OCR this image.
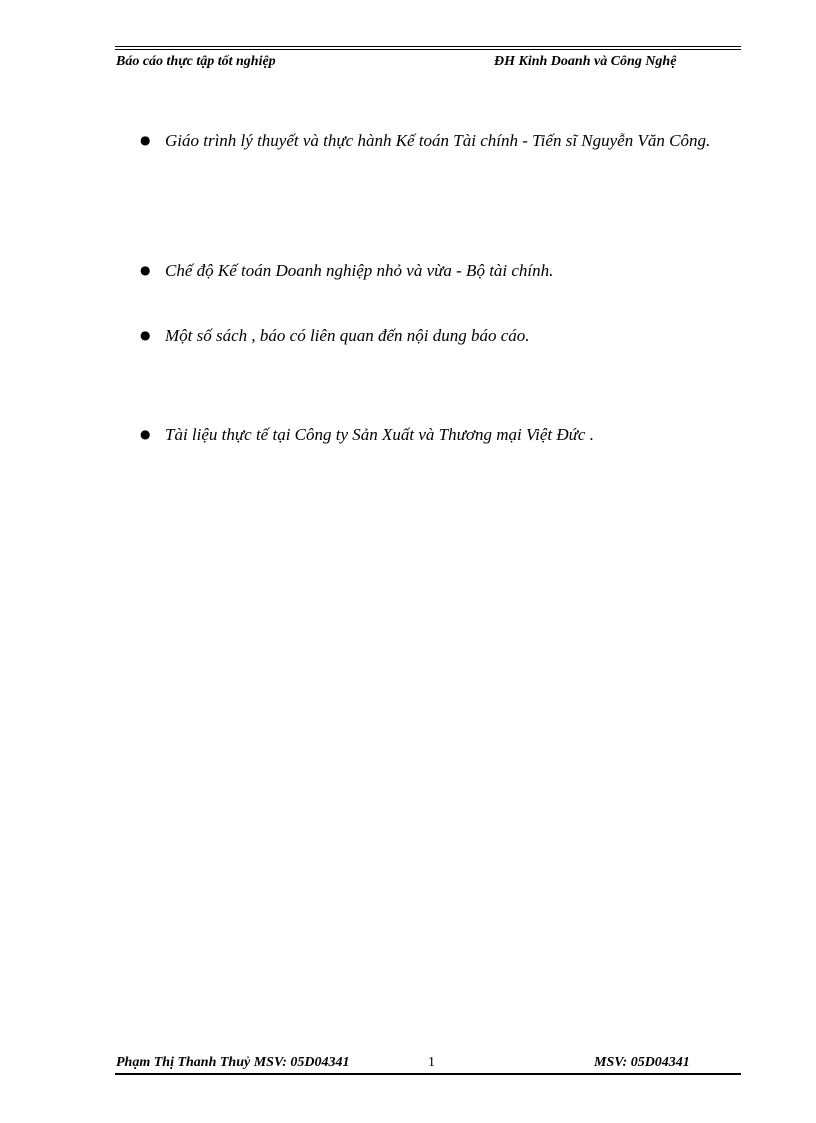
Báo cáo thực tập tốt nghiệp	ĐH Kinh Doanh và Công Nghệ
● Giáo trình lý thuyết và thực hành Kế toán Tài chính - Tiến sĩ Nguyễn Văn Công.
● Chế độ Kế toán Doanh nghiệp nhỏ và vừa - Bộ tài chính.
● Một số sách , báo có liên quan đến nội dung báo cáo.
● Tài liệu thực tế tại Công ty Sản Xuất và Thương mại Việt Đức .
Phạm Thị Thanh Thuỷ MSV: 05D04341	1	MSV: 05D04341
